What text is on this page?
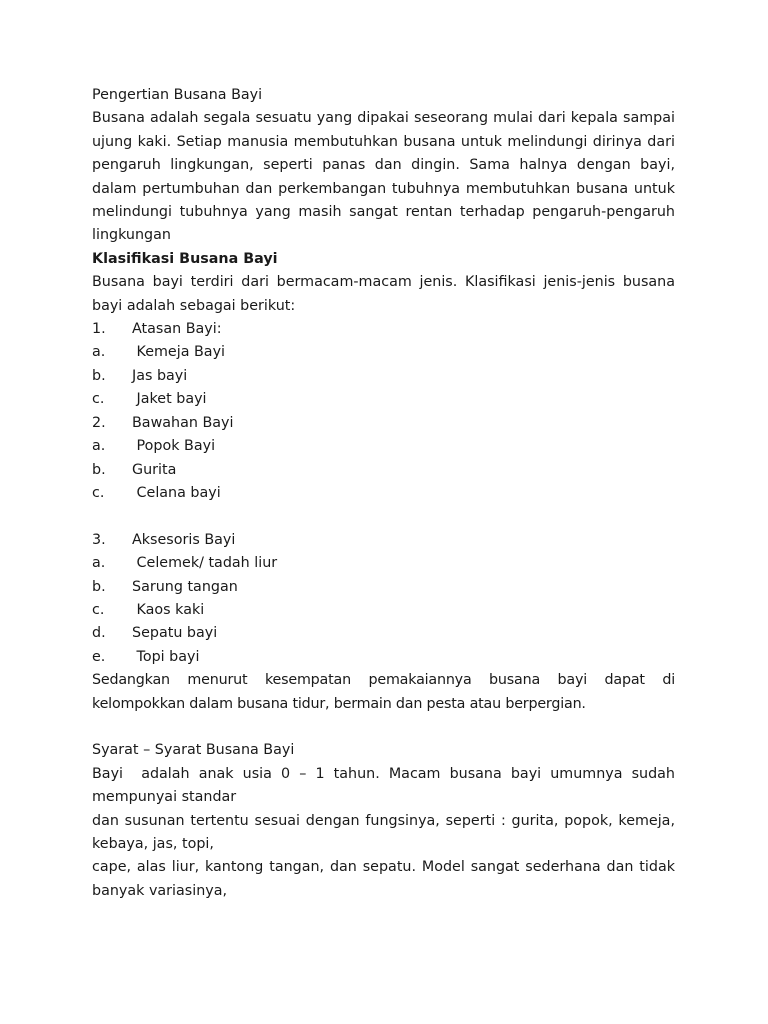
Pengertian Busana Bayi

Busana adalah segala sesuatu yang dipakai seseorang mulai dari kepala sampai ujung kaki. Setiap manusia membutuhkan busana untuk melindungi dirinya dari pengaruh lingkungan, seperti panas dan dingin. Sama halnya dengan bayi, dalam pertumbuhan dan perkembangan tubuhnya membutuhkan busana untuk melindungi tubuhnya yang masih sangat rentan terhadap pengaruh-pengaruh lingkungan

Klasifikasi Busana Bayi

Busana bayi terdiri dari bermacam-macam jenis. Klasifikasi jenis-jenis busana bayi adalah sebagai berikut:

1.	Atasan Bayi:
a.	Kemeja Bayi
b.	Jas bayi
c.	Jaket bayi
2.	Bawahan Bayi
a.	Popok Bayi
b.	Gurita
c.	Celana bayi
3.	Aksesoris Bayi
a.	Celemek/ tadah liur
b.	Sarung tangan
c.	Kaos kaki
d.	Sepatu bayi
e.	Topi bayi

Sedangkan menurut kesempatan pemakaiannya busana bayi dapat di kelompokkan dalam busana tidur, bermain dan pesta atau berpergian.

Syarat – Syarat Busana Bayi

Bayi  adalah anak usia 0 – 1 tahun. Macam busana bayi umumnya sudah mempunyai standar

dan susunan tertentu sesuai dengan fungsinya, seperti : gurita, popok, kemeja, kebaya, jas, topi,

cape, alas liur, kantong tangan, dan sepatu. Model sangat sederhana dan tidak banyak variasinya,
